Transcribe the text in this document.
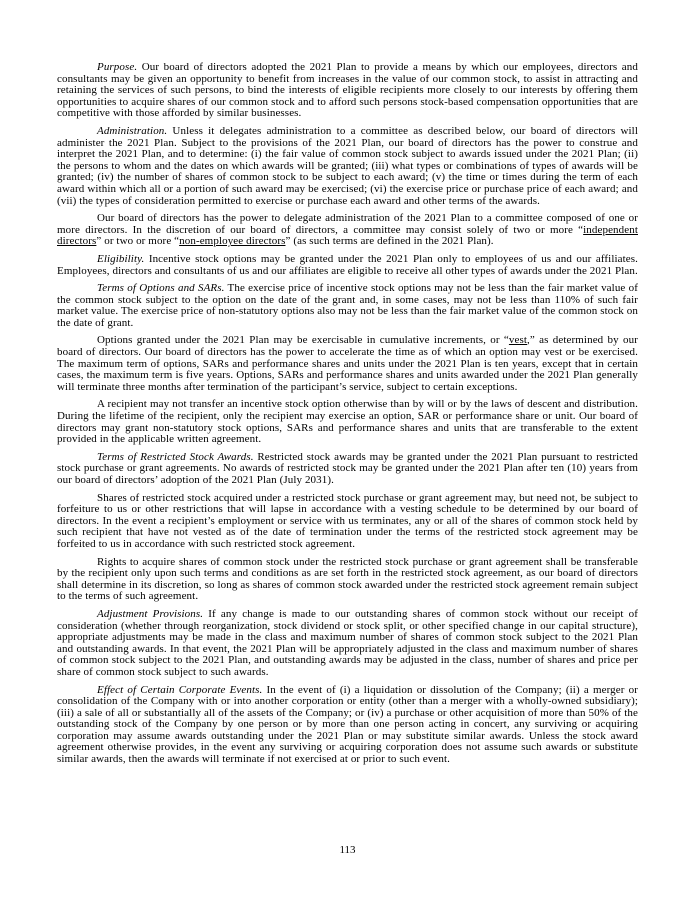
Purpose. Our board of directors adopted the 2021 Plan to provide a means by which our employees, directors and consultants may be given an opportunity to benefit from increases in the value of our common stock, to assist in attracting and retaining the services of such persons, to bind the interests of eligible recipients more closely to our interests by offering them opportunities to acquire shares of our common stock and to afford such persons stock-based compensation opportunities that are competitive with those afforded by similar businesses.

Administration. Unless it delegates administration to a committee as described below, our board of directors will administer the 2021 Plan. Subject to the provisions of the 2021 Plan, our board of directors has the power to construe and interpret the 2021 Plan, and to determine: (i) the fair value of common stock subject to awards issued under the 2021 Plan; (ii) the persons to whom and the dates on which awards will be granted; (iii) what types or combinations of types of awards will be granted; (iv) the number of shares of common stock to be subject to each award; (v) the time or times during the term of each award within which all or a portion of such award may be exercised; (vi) the exercise price or purchase price of each award; and (vii) the types of consideration permitted to exercise or purchase each award and other terms of the awards.

Our board of directors has the power to delegate administration of the 2021 Plan to a committee composed of one or more directors. In the discretion of our board of directors, a committee may consist solely of two or more “independent directors” or two or more “non-employee directors” (as such terms are defined in the 2021 Plan).

Eligibility. Incentive stock options may be granted under the 2021 Plan only to employees of us and our affiliates. Employees, directors and consultants of us and our affiliates are eligible to receive all other types of awards under the 2021 Plan.

Terms of Options and SARs. The exercise price of incentive stock options may not be less than the fair market value of the common stock subject to the option on the date of the grant and, in some cases, may not be less than 110% of such fair market value. The exercise price of non-statutory options also may not be less than the fair market value of the common stock on the date of grant.

Options granted under the 2021 Plan may be exercisable in cumulative increments, or “vest,” as determined by our board of directors. Our board of directors has the power to accelerate the time as of which an option may vest or be exercised. The maximum term of options, SARs and performance shares and units under the 2021 Plan is ten years, except that in certain cases, the maximum term is five years. Options, SARs and performance shares and units awarded under the 2021 Plan generally will terminate three months after termination of the participant’s service, subject to certain exceptions.

A recipient may not transfer an incentive stock option otherwise than by will or by the laws of descent and distribution. During the lifetime of the recipient, only the recipient may exercise an option, SAR or performance share or unit. Our board of directors may grant non-statutory stock options, SARs and performance shares and units that are transferable to the extent provided in the applicable written agreement.

Terms of Restricted Stock Awards. Restricted stock awards may be granted under the 2021 Plan pursuant to restricted stock purchase or grant agreements. No awards of restricted stock may be granted under the 2021 Plan after ten (10) years from our board of directors’ adoption of the 2021 Plan (July 2031).

Shares of restricted stock acquired under a restricted stock purchase or grant agreement may, but need not, be subject to forfeiture to us or other restrictions that will lapse in accordance with a vesting schedule to be determined by our board of directors. In the event a recipient’s employment or service with us terminates, any or all of the shares of common stock held by such recipient that have not vested as of the date of termination under the terms of the restricted stock agreement may be forfeited to us in accordance with such restricted stock agreement.

Rights to acquire shares of common stock under the restricted stock purchase or grant agreement shall be transferable by the recipient only upon such terms and conditions as are set forth in the restricted stock agreement, as our board of directors shall determine in its discretion, so long as shares of common stock awarded under the restricted stock agreement remain subject to the terms of such agreement.

Adjustment Provisions. If any change is made to our outstanding shares of common stock without our receipt of consideration (whether through reorganization, stock dividend or stock split, or other specified change in our capital structure), appropriate adjustments may be made in the class and maximum number of shares of common stock subject to the 2021 Plan and outstanding awards. In that event, the 2021 Plan will be appropriately adjusted in the class and maximum number of shares of common stock subject to the 2021 Plan, and outstanding awards may be adjusted in the class, number of shares and price per share of common stock subject to such awards.

Effect of Certain Corporate Events. In the event of (i) a liquidation or dissolution of the Company; (ii) a merger or consolidation of the Company with or into another corporation or entity (other than a merger with a wholly-owned subsidiary); (iii) a sale of all or substantially all of the assets of the Company; or (iv) a purchase or other acquisition of more than 50% of the outstanding stock of the Company by one person or by more than one person acting in concert, any surviving or acquiring corporation may assume awards outstanding under the 2021 Plan or may substitute similar awards. Unless the stock award agreement otherwise provides, in the event any surviving or acquiring corporation does not assume such awards or substitute similar awards, then the awards will terminate if not exercised at or prior to such event.

113
